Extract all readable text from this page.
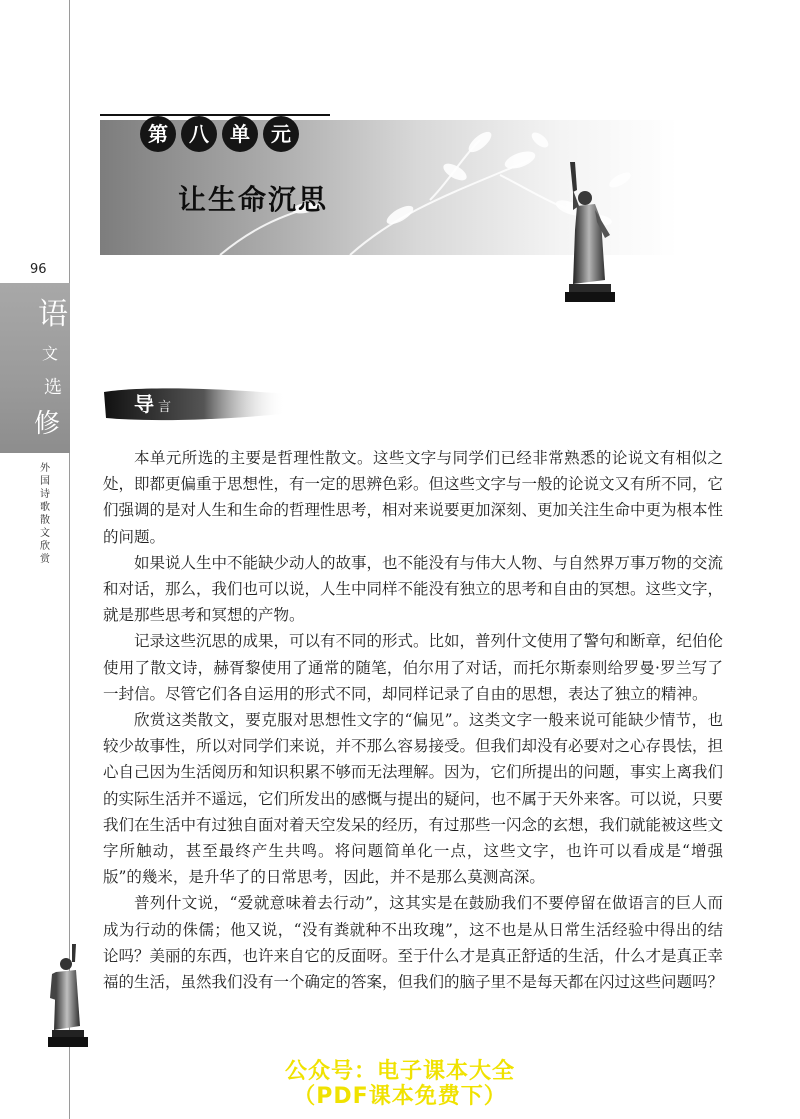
96
语
文
选
修
外
国
诗
歌
散
文
欣
赏
第	八	单	元
让生命沉思
导 言

本单元所选的主要是哲理性散文。这些文字与同学们已经非常熟悉的论说文有相似之处，即都更偏重于思想性，有一定的思辨色彩。但这些文字与一般的论说文又有所不同，它们强调的是对人生和生命的哲理性思考，相对来说要更加深刻、更加关注生命中更为根本性的问题。

如果说人生中不能缺少动人的故事，也不能没有与伟大人物、与自然界万事万物的交流和对话，那么，我们也可以说，人生中同样不能没有独立的思考和自由的冥想。这些文字，就是那些思考和冥想的产物。

记录这些沉思的成果，可以有不同的形式。比如，普列什文使用了警句和断章，纪伯伦使用了散文诗，赫胥黎使用了通常的随笔，伯尔用了对话，而托尔斯泰则给罗曼·罗兰写了一封信。尽管它们各自运用的形式不同，却同样记录了自由的思想，表达了独立的精神。

欣赏这类散文，要克服对思想性文字的“偏见”。这类文字一般来说可能缺少情节，也较少故事性，所以对同学们来说，并不那么容易接受。但我们却没有必要对之心存畏怯，担心自己因为生活阅历和知识积累不够而无法理解。因为，它们所提出的问题，事实上离我们的实际生活并不遥远，它们所发出的感慨与提出的疑问，也不属于天外来客。可以说，只要我们在生活中有过独自面对着天空发呆的经历，有过那些一闪念的玄想，我们就能被这些文字所触动，甚至最终产生共鸣。将问题简单化一点，这些文字，也许可以看成是“增强版”的幾米，是升华了的日常思考，因此，并不是那么莫测高深。

普列什文说，“爱就意味着去行动”，这其实是在鼓励我们不要停留在做语言的巨人而成为行动的侏儒；他又说，“没有粪就种不出玫瑰”，这不也是从日常生活经验中得出的结论吗？美丽的东西，也许来自它的反面呀。至于什么才是真正舒适的生活，什么才是真正幸福的生活，虽然我们没有一个确定的答案，但我们的脑子里不是每天都在闪过这些问题吗？

公众号：电子课本大全
（PDF课本免费下）
